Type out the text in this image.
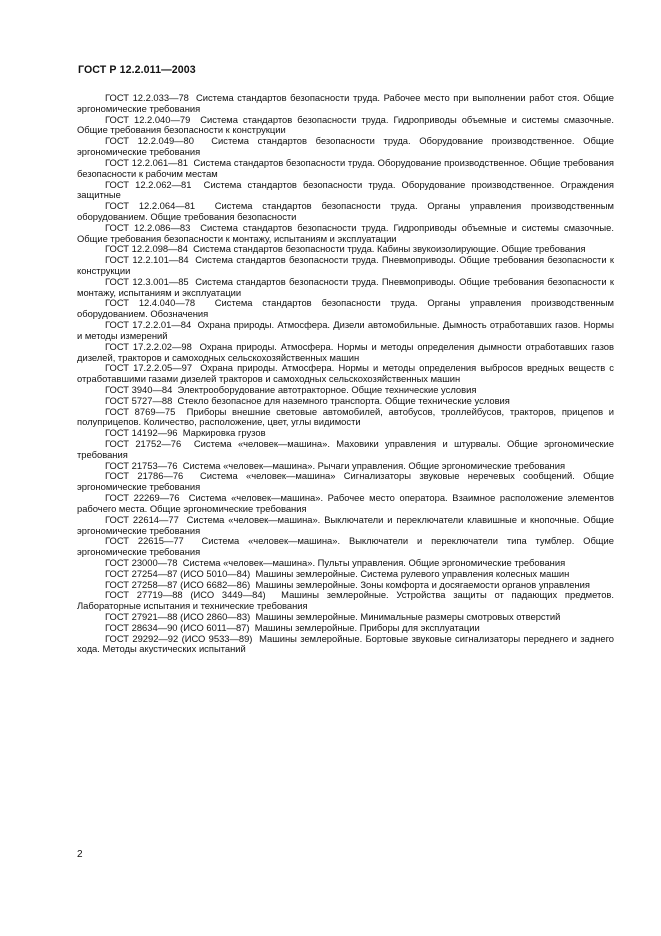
ГОСТ Р 12.2.011—2003

ГОСТ 12.2.033—78 Система стандартов безопасности труда. Рабочее место при выполнении работ стоя. Общие эргономические требования

ГОСТ 12.2.040—79 Система стандартов безопасности труда. Гидроприводы объемные и системы смазочные. Общие требования безопасности к конструкции

ГОСТ 12.2.049—80 Система стандартов безопасности труда. Оборудование производственное. Общие эргономические требования

ГОСТ 12.2.061—81 Система стандартов безопасности труда. Оборудование производственное. Общие требования безопасности к рабочим местам

ГОСТ 12.2.062—81 Система стандартов безопасности труда. Оборудование производственное. Ограждения защитные

ГОСТ 12.2.064—81 Система стандартов безопасности труда. Органы управления производственным оборудованием. Общие требования безопасности

ГОСТ 12.2.086—83 Система стандартов безопасности труда. Гидроприводы объемные и системы смазочные. Общие требования безопасности к монтажу, испытаниям и эксплуатации

ГОСТ 12.2.098—84 Система стандартов безопасности труда. Кабины звукоизолирующие. Общие требования

ГОСТ 12.2.101—84 Система стандартов безопасности труда. Пневмоприводы. Общие требования безопасности к конструкции

ГОСТ 12.3.001—85 Система стандартов безопасности труда. Пневмоприводы. Общие требования безопасности к монтажу, испытаниям и эксплуатации

ГОСТ 12.4.040—78 Система стандартов безопасности труда. Органы управления производственным оборудованием. Обозначения

ГОСТ 17.2.2.01—84 Охрана природы. Атмосфера. Дизели автомобильные. Дымность отработавших газов. Нормы и методы измерений

ГОСТ 17.2.2.02—98 Охрана природы. Атмосфера. Нормы и методы определения дымности отработавших газов дизелей, тракторов и самоходных сельскохозяйственных машин

ГОСТ 17.2.2.05—97 Охрана природы. Атмосфера. Нормы и методы определения выбросов вредных веществ с отработавшими газами дизелей тракторов и самоходных сельскохозяйственных машин

ГОСТ 3940—84 Электрооборудование автотракторное. Общие технические условия

ГОСТ 5727—88 Стекло безопасное для наземного транспорта. Общие технические условия

ГОСТ 8769—75 Приборы внешние световые автомобилей, автобусов, троллейбусов, тракторов, прицепов и полуприцепов. Количество, расположение, цвет, углы видимости

ГОСТ 14192—96 Маркировка грузов

ГОСТ 21752—76 Система «человек—машина». Маховики управления и штурвалы. Общие эргономические требования

ГОСТ 21753—76 Система «человек—машина». Рычаги управления. Общие эргономические требования

ГОСТ 21786—76 Система «человек—машина» Сигнализаторы звуковые неречевых сообщений. Общие эргономические требования

ГОСТ 22269—76 Система «человек—машина». Рабочее место оператора. Взаимное расположение элементов рабочего места. Общие эргономические требования

ГОСТ 22614—77 Система «человек—машина». Выключатели и переключатели клавишные и кнопочные. Общие эргономические требования

ГОСТ 22615—77 Система «человек—машина». Выключатели и переключатели типа тумблер. Общие эргономические требования

ГОСТ 23000—78 Система «человек—машина». Пульты управления. Общие эргономические требования

ГОСТ 27254—87 (ИСО 5010—84) Машины землеройные. Система рулевого управления колесных машин

ГОСТ 27258—87 (ИСО 6682—86) Машины землеройные. Зоны комфорта и досягаемости органов управления

ГОСТ 27719—88 (ИСО 3449—84) Машины землеройные. Устройства защиты от падающих предметов. Лабораторные испытания и технические требования

ГОСТ 27921—88 (ИСО 2860—83) Машины землеройные. Минимальные размеры смотровых отверстий

ГОСТ 28634—90 (ИСО 6011—87) Машины землеройные. Приборы для эксплуатации

ГОСТ 29292—92 (ИСО 9533—89) Машины землеройные. Бортовые звуковые сигнализаторы переднего и заднего хода. Методы акустических испытаний

2
